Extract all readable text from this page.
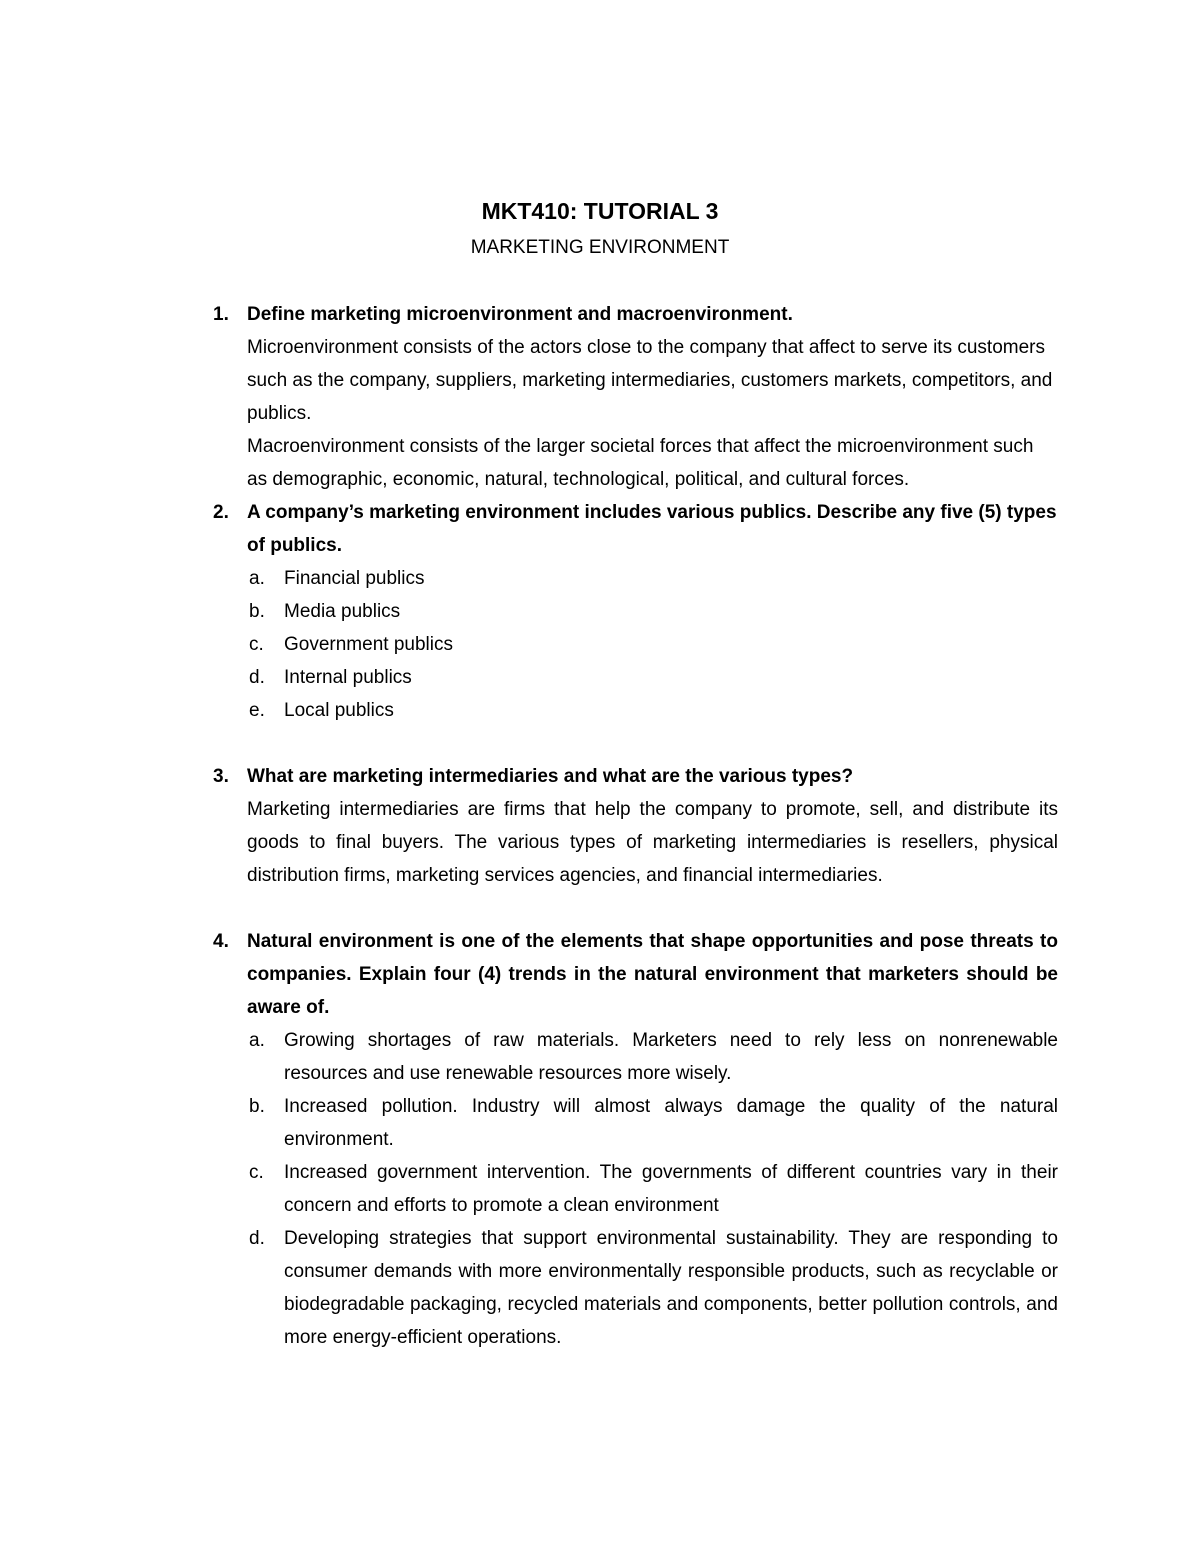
MKT410: TUTORIAL 3
MARKETING ENVIRONMENT
1. Define marketing microenvironment and macroenvironment.

Microenvironment consists of the actors close to the company that affect to serve its customers such as the company, suppliers, marketing intermediaries, customers markets, competitors, and publics.

Macroenvironment consists of the larger societal forces that affect the microenvironment such as demographic, economic, natural, technological, political, and cultural forces.

2. A company’s marketing environment includes various publics. Describe any five (5) types of publics.
a. Financial publics
b. Media publics
c. Government publics
d. Internal publics
e. Local publics
3. What are marketing intermediaries and what are the various types?

Marketing intermediaries are firms that help the company to promote, sell, and distribute its goods to final buyers. The various types of marketing intermediaries is resellers, physical distribution firms, marketing services agencies, and financial intermediaries.

4. Natural environment is one of the elements that shape opportunities and pose threats to companies. Explain four (4) trends in the natural environment that marketers should be aware of.
a. Growing shortages of raw materials. Marketers need to rely less on nonrenewable resources and use renewable resources more wisely.
b. Increased pollution. Industry will almost always damage the quality of the natural environment.
c. Increased government intervention. The governments of different countries vary in their concern and efforts to promote a clean environment
d. Developing strategies that support environmental sustainability. They are responding to consumer demands with more environmentally responsible products, such as recyclable or biodegradable packaging, recycled materials and components, better pollution controls, and more energy-efficient operations.
